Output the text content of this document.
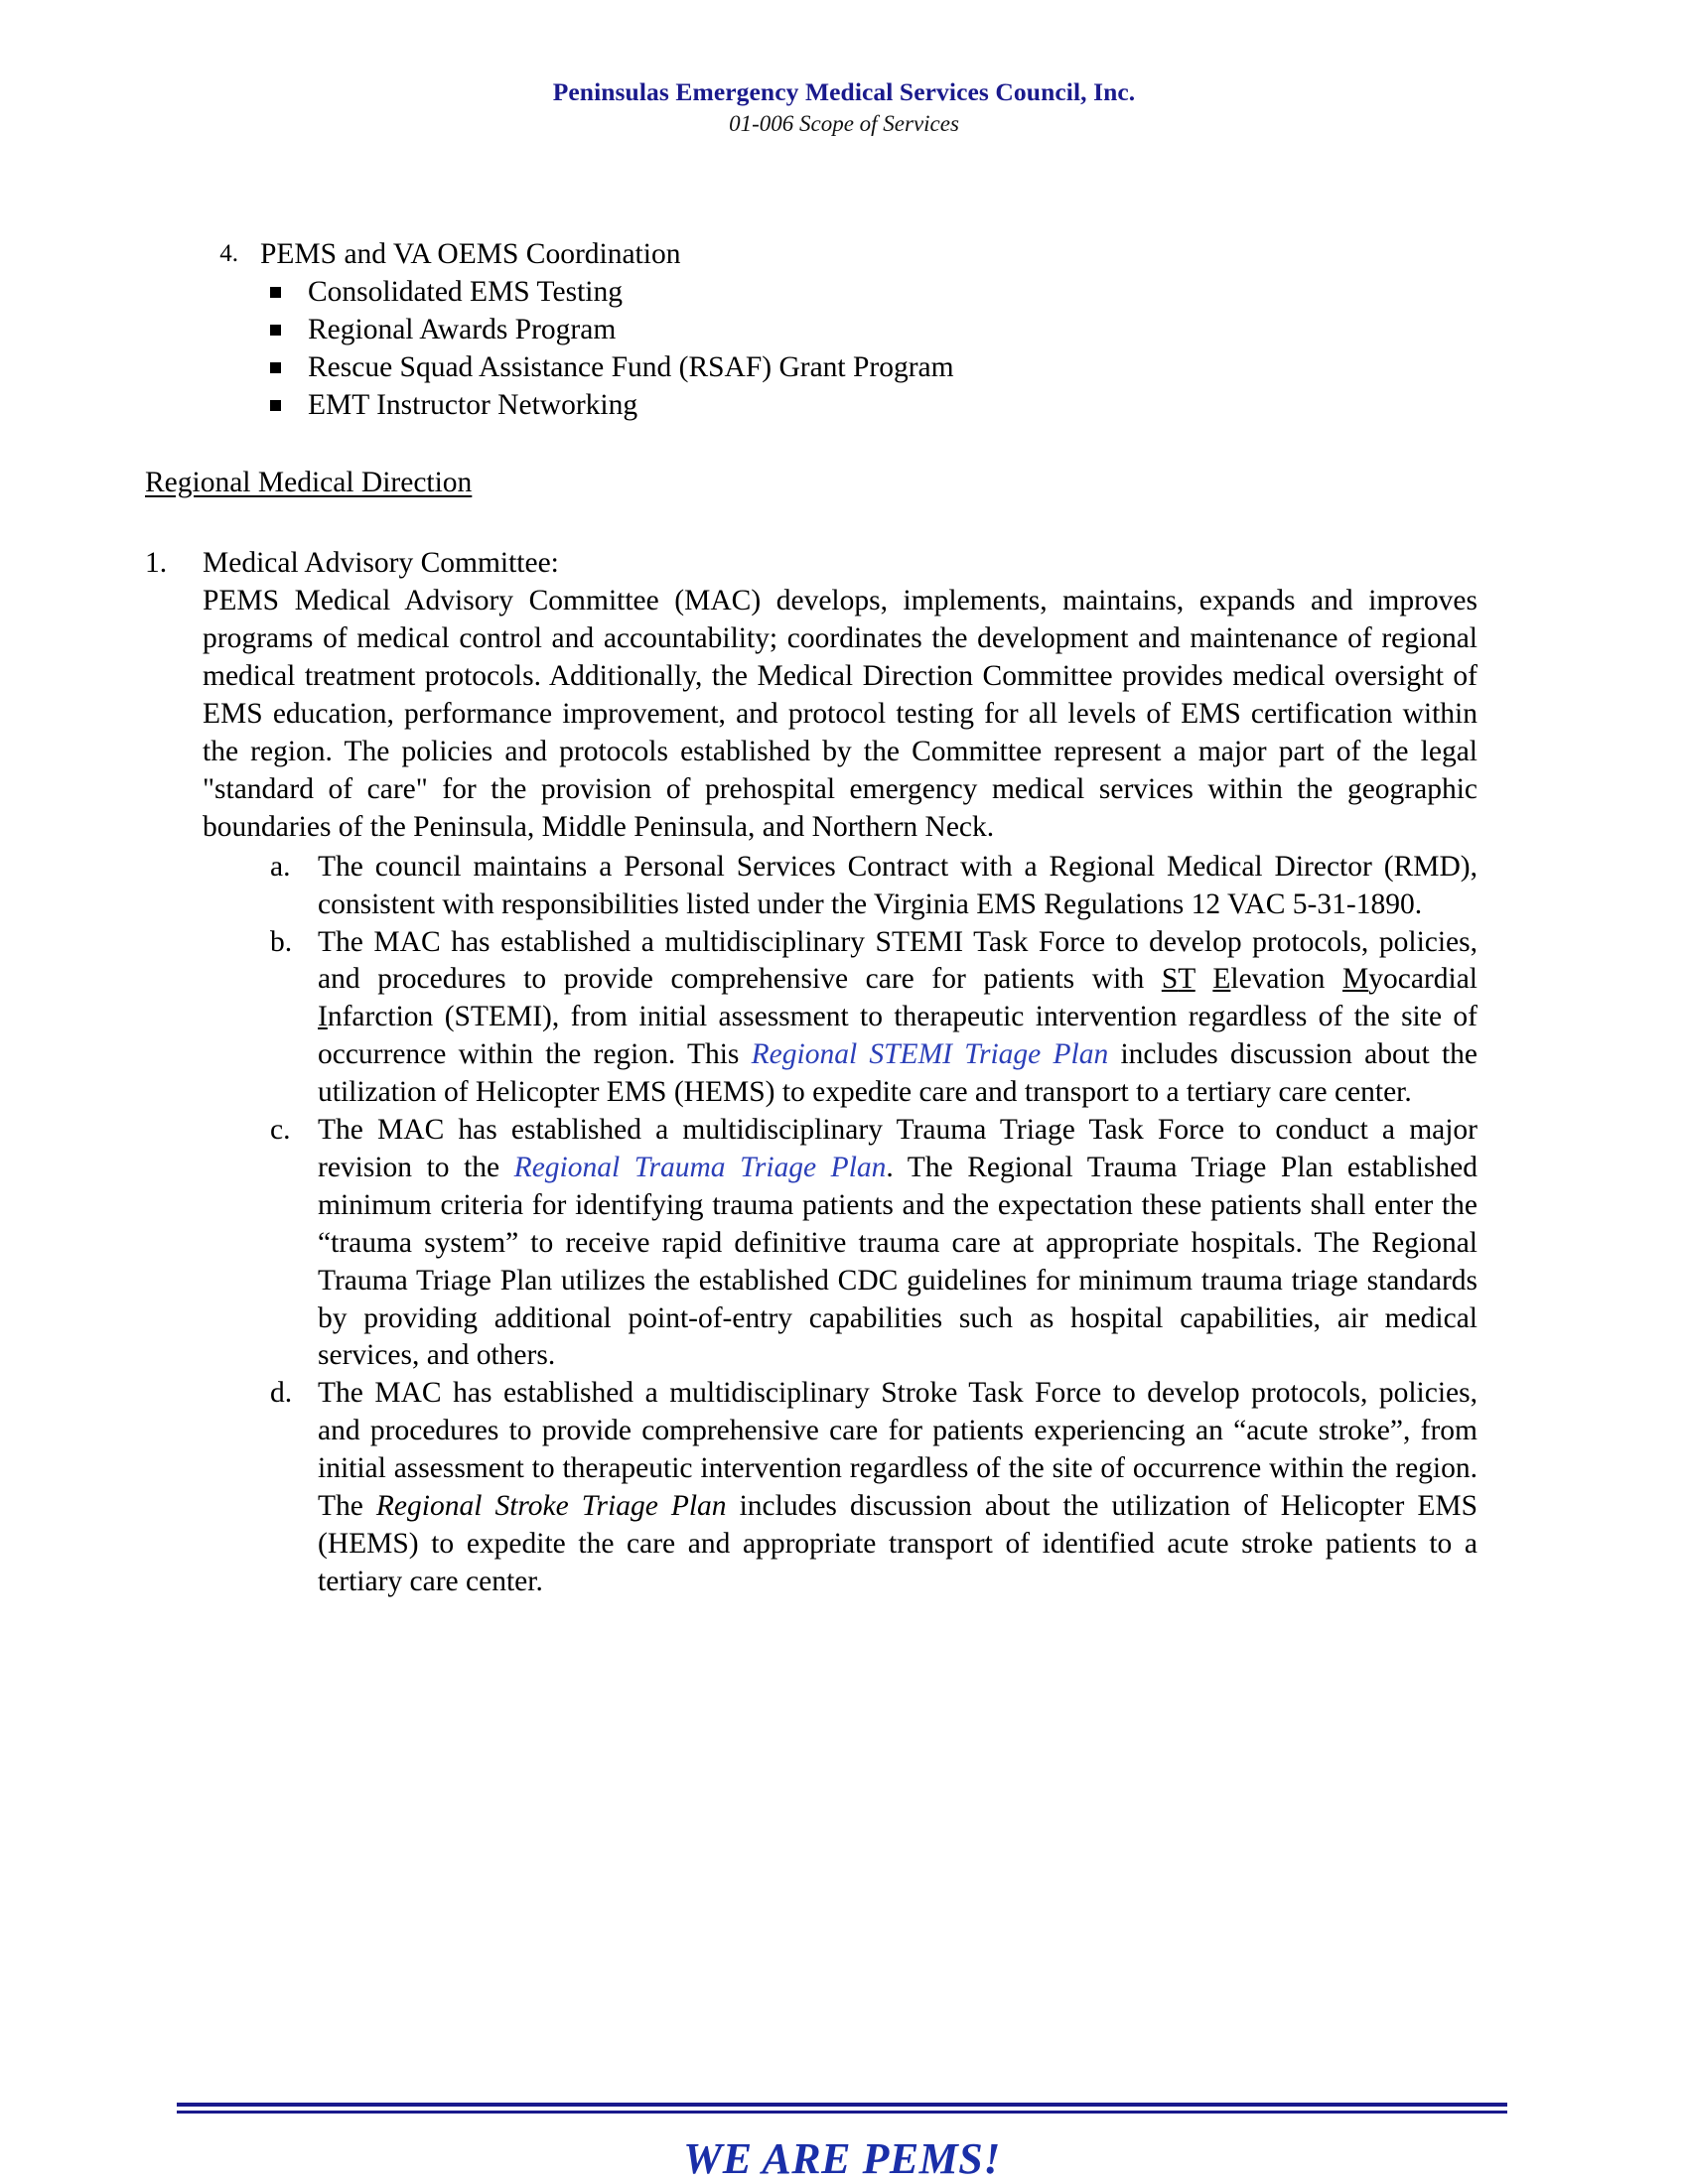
Peninsulas Emergency Medical Services Council, Inc.
01-006 Scope of Services
4. PEMS and VA OEMS Coordination
Consolidated EMS Testing
Regional Awards Program
Rescue Squad Assistance Fund (RSAF) Grant Program
EMT Instructor Networking
Regional Medical Direction
1.	Medical Advisory Committee:
PEMS Medical Advisory Committee (MAC) develops, implements, maintains, expands and improves programs of medical control and accountability; coordinates the development and maintenance of regional medical treatment protocols. Additionally, the Medical Direction Committee provides medical oversight of EMS education, performance improvement, and protocol testing for all levels of EMS certification within the region. The policies and protocols established by the Committee represent a major part of the legal "standard of care" for the provision of prehospital emergency medical services within the geographic boundaries of the Peninsula, Middle Peninsula, and Northern Neck.
a. The council maintains a Personal Services Contract with a Regional Medical Director (RMD), consistent with responsibilities listed under the Virginia EMS Regulations 12 VAC 5-31-1890.
b. The MAC has established a multidisciplinary STEMI Task Force to develop protocols, policies, and procedures to provide comprehensive care for patients with ST Elevation Myocardial Infarction (STEMI), from initial assessment to therapeutic intervention regardless of the site of occurrence within the region. This Regional STEMI Triage Plan includes discussion about the utilization of Helicopter EMS (HEMS) to expedite care and transport to a tertiary care center.
c. The MAC has established a multidisciplinary Trauma Triage Task Force to conduct a major revision to the Regional Trauma Triage Plan. The Regional Trauma Triage Plan established minimum criteria for identifying trauma patients and the expectation these patients shall enter the “trauma system” to receive rapid definitive trauma care at appropriate hospitals. The Regional Trauma Triage Plan utilizes the established CDC guidelines for minimum trauma triage standards by providing additional point-of-entry capabilities such as hospital capabilities, air medical services, and others.
d. The MAC has established a multidisciplinary Stroke Task Force to develop protocols, policies, and procedures to provide comprehensive care for patients experiencing an “acute stroke”, from initial assessment to therapeutic intervention regardless of the site of occurrence within the region. The Regional Stroke Triage Plan includes discussion about the utilization of Helicopter EMS (HEMS) to expedite the care and appropriate transport of identified acute stroke patients to a tertiary care center.
WE ARE PEMS!
